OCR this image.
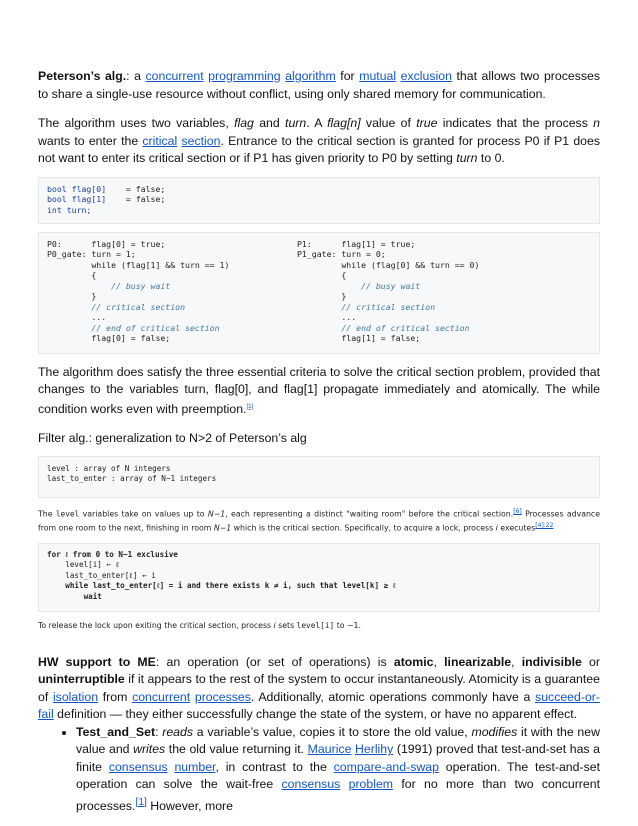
Peterson’s alg.: a concurrent programming algorithm for mutual exclusion that allows two processes to share a single-use resource without conflict, using only shared memory for communication.

The algorithm uses two variables, flag and turn. A flag[n] value of true indicates that the process n wants to enter the critical section. Entrance to the critical section is granted for process P0 if P1 does not want to enter its critical section or if P1 has given priority to P0 by setting turn to 0.

bool flag[0] = false;
bool flag[1] = false;
int turn;
P0:      flag[0] = true;
P0_gate: turn = 1;
while (flag[1] && turn == 1)
{
// busy wait
}
// critical section
...
// end of critical section
flag[0] = false;
P1:      flag[1] = true;
P1_gate: turn = 0;
while (flag[0] && turn == 0)
{
// busy wait
}
// critical section
...
// end of critical section
flag[1] = false;

The algorithm does satisfy the three essential criteria to solve the critical section problem, provided that changes to the variables turn, flag[0], and flag[1] propagate immediately and atomically. The while condition works even with preemption.[1]

Filter alg.: generalization to N>2 of Peterson’s alg

level : array of N integers
last_to_enter : array of N−1 integers

The level variables take on values up to N−1, each representing a distinct "waiting room" before the critical section.[6] Processes advance from one room to the next, finishing in room N−1 which is the critical section. Specifically, to acquire a lock, process i executes$^{[4]:22}$

for ℓ from 0 to N−1 exclusive
level[i] ← ℓ
last_to_enter[ℓ] ← i
while last_to_enter[ℓ] = i and there exists k ≠ i, such that level[k] ≥ ℓ
wait

To release the lock upon exiting the critical section, process i sets level[i] to −1.

HW support to ME: an operation (or set of operations) is atomic, linearizable, indivisible or uninterruptible if it appears to the rest of the system to occur instantaneously. Atomicity is a guarantee of isolation from concurrent processes. Additionally, atomic operations commonly have a succeed-or-fail definition — they either successfully change the state of the system, or have no apparent effect.

• Test_and_Set: reads a variable’s value, copies it to store the old value, modifies it with the new value and writes the old value returning it. Maurice Herlihy (1991) proved that test-and-set has a finite consensus number, in contrast to the compare-and-swap operation. The test-and-set operation can solve the wait-free consensus problem for no more than two concurrent processes.[1] However, more
